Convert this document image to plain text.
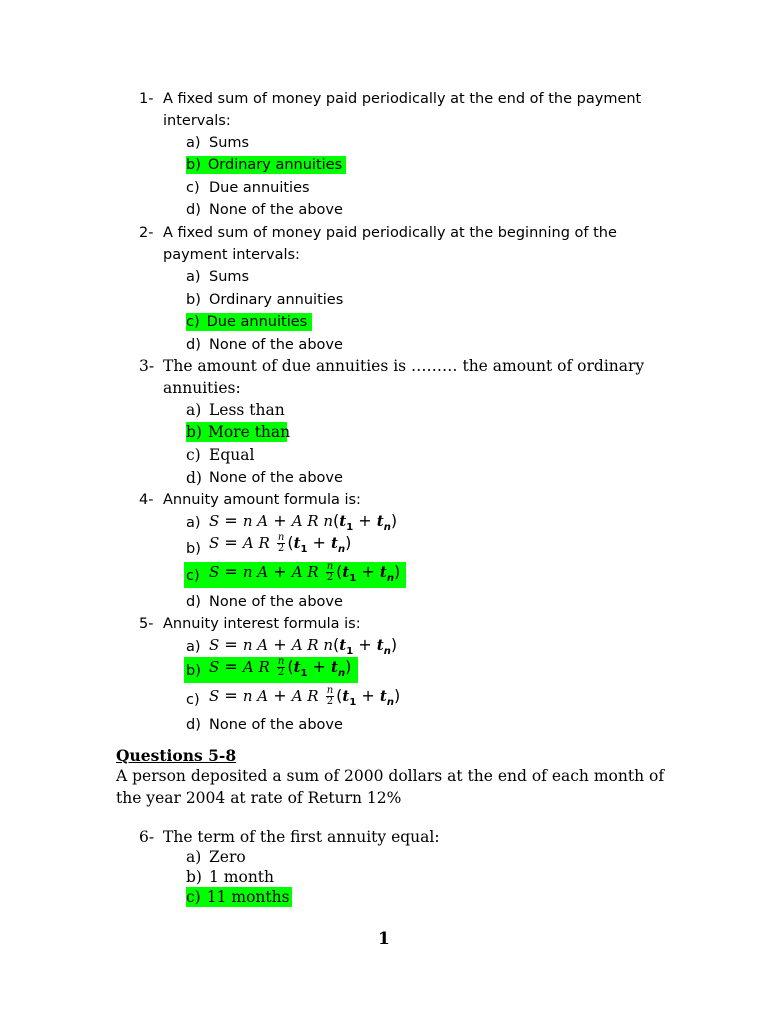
1- A fixed sum of money paid periodically at the end of the payment
intervals:
a) Sums
b) Ordinary annuities
c) Due annuities
d) None of the above
2- A fixed sum of money paid periodically at the beginning of the
payment intervals:
a) Sums
b) Ordinary annuities
c) Due annuities
d) None of the above
3- The amount of due annuities is ……… the amount of ordinary
annuities:
a) Less than
b) More than
c) Equal
d) None of the above
4- Annuity amount formula is:
a) S = n A + A R $n(t_1 + t_n)$
b) S = A R $\frac{n}{2} (t_1 + t_n)$
c) S = n A + A R $\frac{n}{2} (t_1 + t_n)$
d) None of the above
5- Annuity interest formula is:
a) S = n A + A R $n(t_1 + t_n)$
b) S = A R $\frac{n}{2} (t_1 + t_n)$
c) S = n A + A R $\frac{n}{2} (t_1 + t_n)$
d) None of the above
Questions 5-8
A person deposited a sum of 2000 dollars at the end of each month of
the year 2004 at rate of Return 12%
6- The term of the first annuity equal:
a) Zero
b) 1 month
c) 11 months
1
